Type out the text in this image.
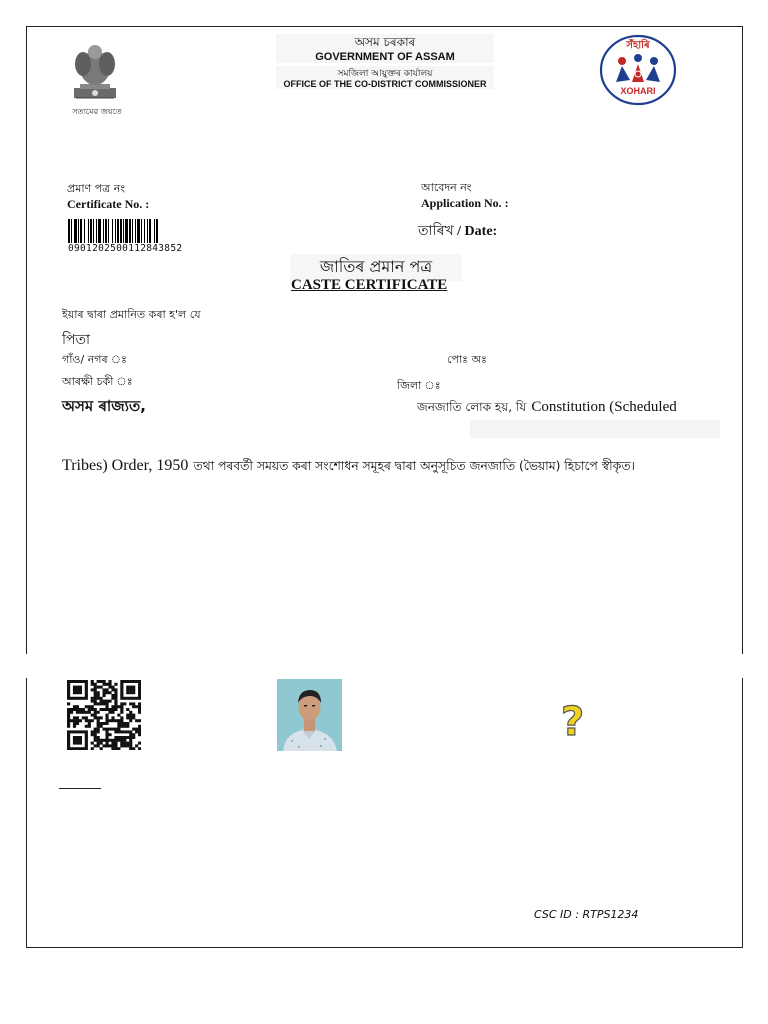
সত্যমেৱ জয়তে
অসম চৰকাৰ
GOVERNMENT OF ASSAM
সমজিলা আয়ুক্তৰ কাৰ্যালয়
OFFICE OF THE CO-DISTRICT COMMISSIONER
সঁহাৰি
XOHARI
প্ৰমাণ পত্ৰ নং
Certificate No. :
আবেদন নং
Application No. :
তাৰিখ / Date:
0901202500112843852
জাতিৰ প্ৰমান পত্ৰ
CASTE CERTIFICATE
ইয়াৰ দ্বাৰা প্ৰমানিত কৰা হ'ল যে
পিতা
গাঁও/ নগৰ ঃ	পোঃ অঃ
আৰক্ষী চকী ঃ	জিলা ঃ
অসম ৰাজ্যত,	জনজাতি লোক হয়, যি Constitution (Scheduled
Tribes) Order, 1950 তথা পৰবৰ্তী সময়ত কৰা সংশোধন সমূহৰ দ্বাৰা অনুসূচিত জনজাতি (ভৈয়াম) হিচাপে স্বীকৃত।
?
CSC ID : RTPS1234
